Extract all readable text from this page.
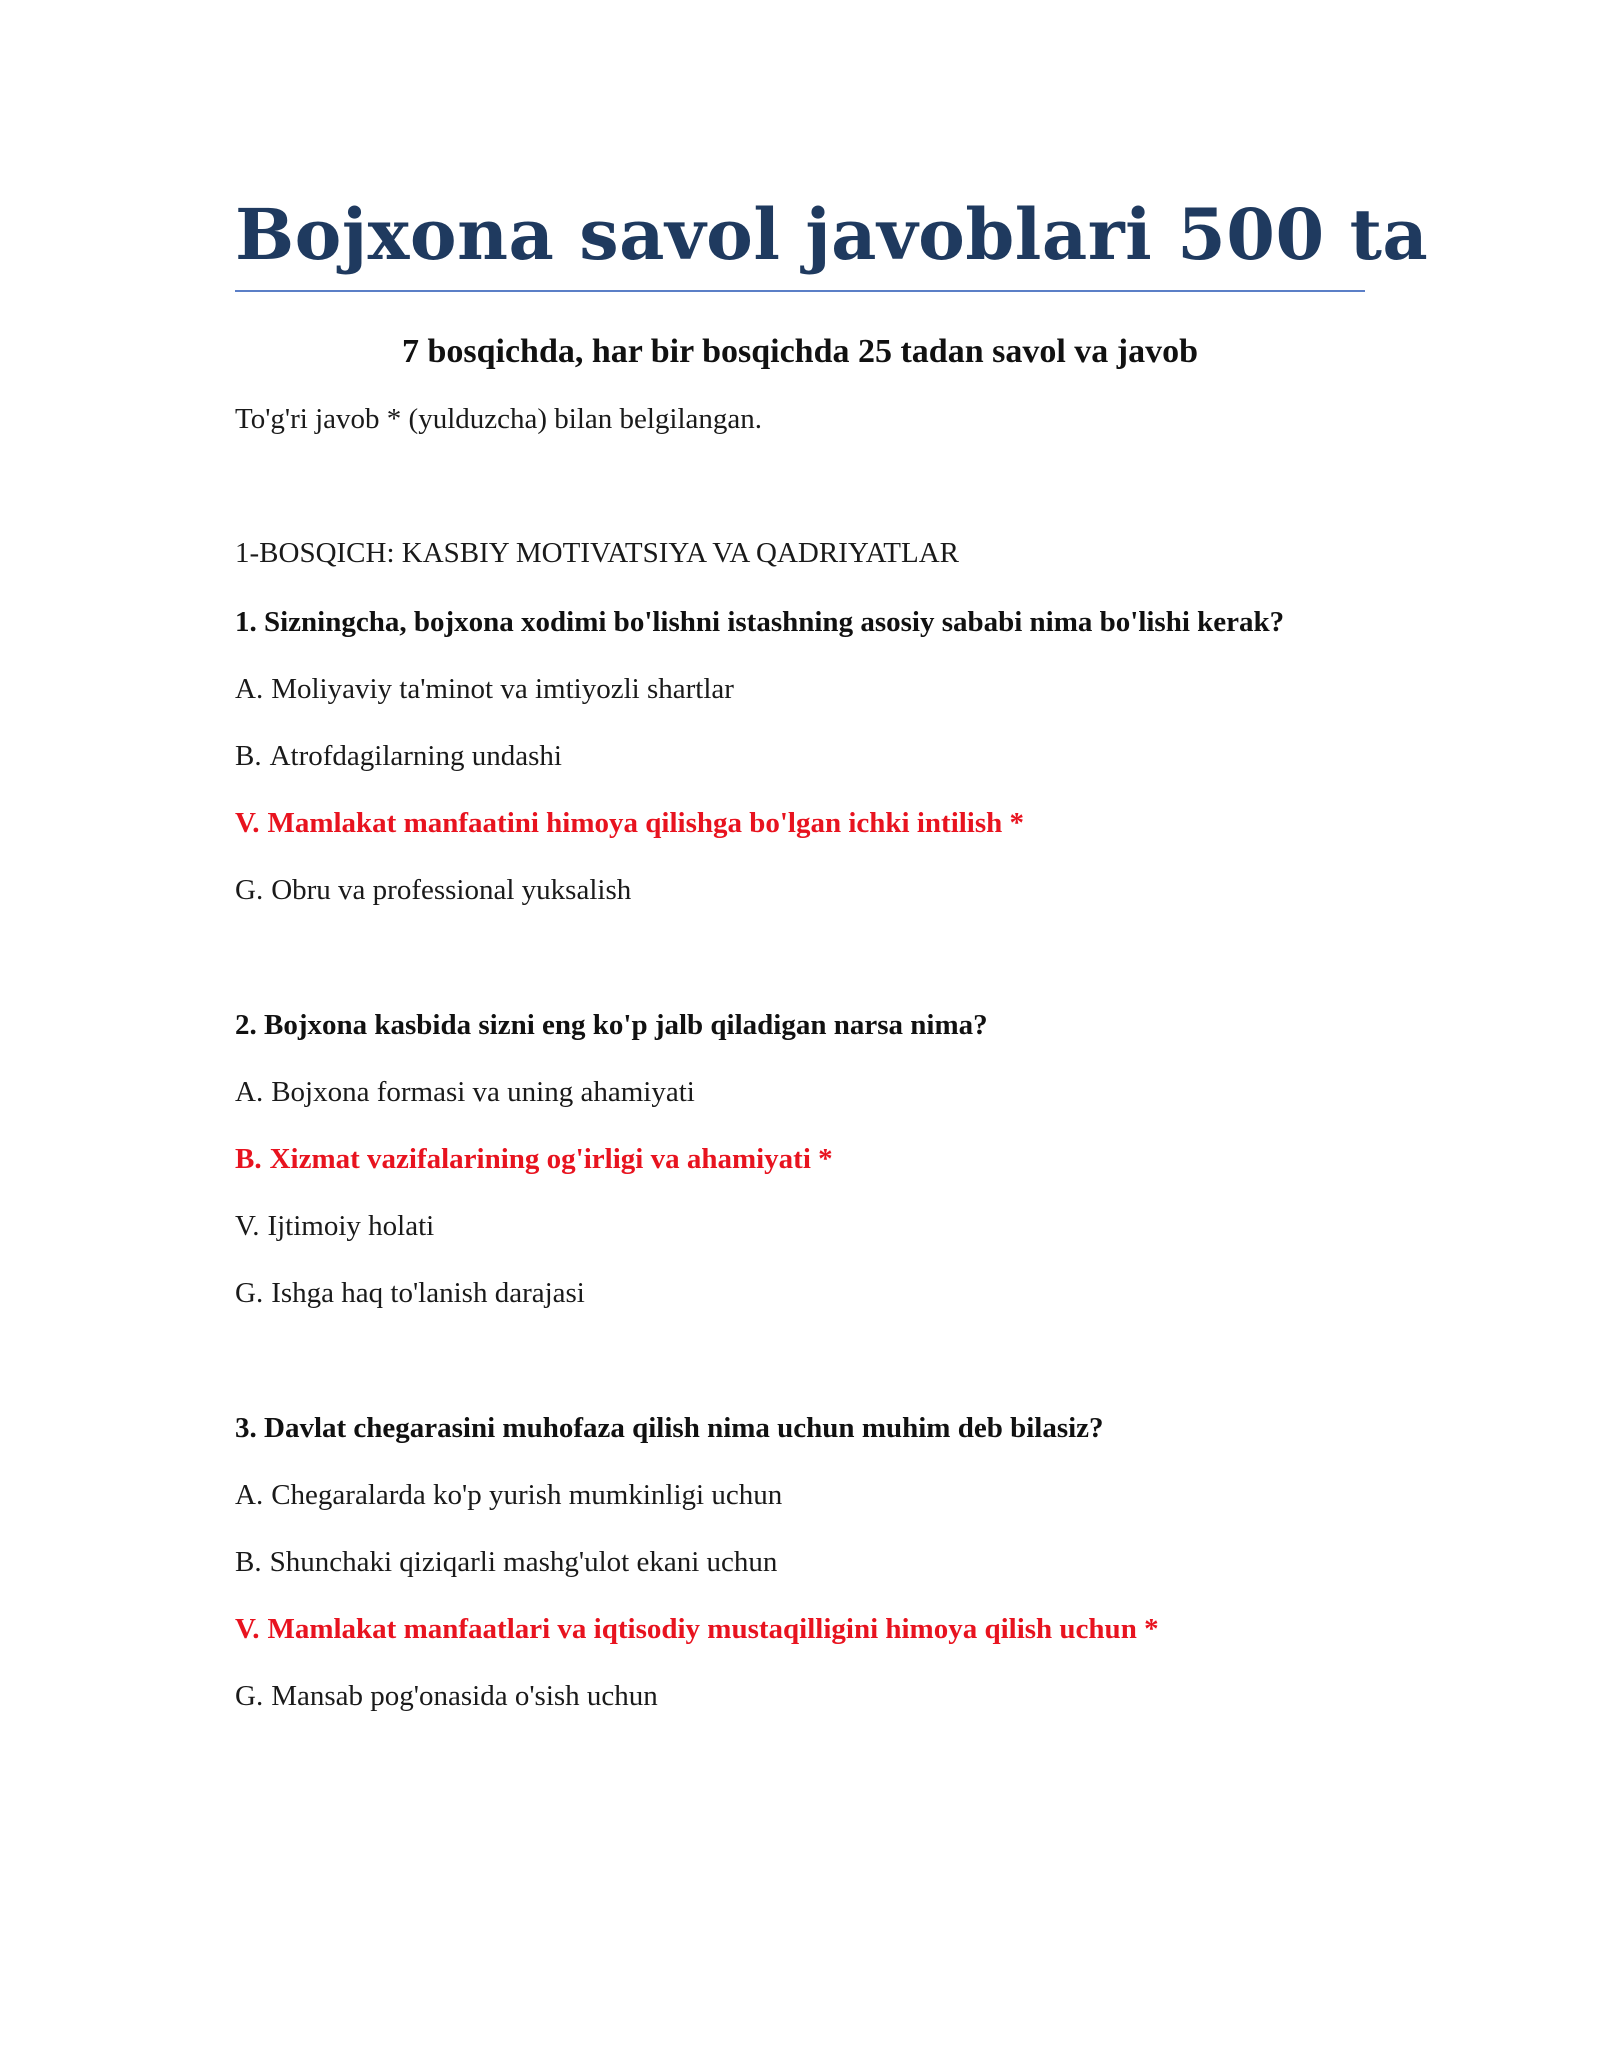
Bojxona savol javoblari 500 ta
7 bosqichda, har bir bosqichda 25 tadan savol va javob

To'g'ri javob * (yulduzcha) bilan belgilangan.

1-BOSQICH: KASBIY MOTIVATSIYA VA QADRIYATLAR

1. Sizningcha, bojxona xodimi bo'lishni istashning asosiy sababi nima bo'lishi kerak?

A. Moliyaviy ta'minot va imtiyozli shartlar

B. Atrofdagilarning undashi

V. Mamlakat manfaatini himoya qilishga bo'lgan ichki intilish *

G. Obru va professional yuksalish

2. Bojxona kasbida sizni eng ko'p jalb qiladigan narsa nima?

A. Bojxona formasi va uning ahamiyati

B. Xizmat vazifalarining og'irligi va ahamiyati *

V. Ijtimoiy holati

G. Ishga haq to'lanish darajasi

3. Davlat chegarasini muhofaza qilish nima uchun muhim deb bilasiz?

A. Chegaralarda ko'p yurish mumkinligi uchun

B. Shunchaki qiziqarli mashg'ulot ekani uchun

V. Mamlakat manfaatlari va iqtisodiy mustaqilligini himoya qilish uchun *

G. Mansab pog'onasida o'sish uchun
